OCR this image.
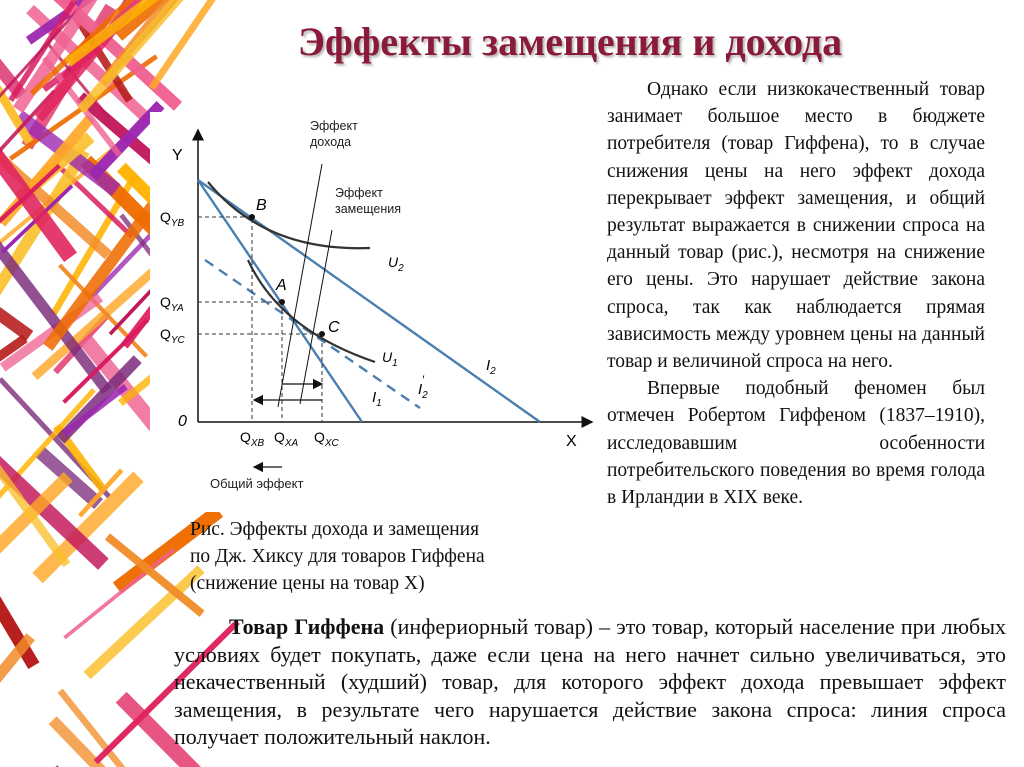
Эффекты замещения и дохода

Однако если низкокачественный товар занимает большое место в бюджете потребителя (товар Гиффена), то в случае снижения цены на него эффект дохода перекрывает эффект замещения, и общий результат выражается в снижении спроса на данный товар (рис.), несмотря на снижение его цены. Это нарушает действие закона спроса, так как наблюдается прямая зависимость между уровнем цены на данный товар и величиной спроса на него.

Впервые подобный феномен был отмечен Робертом Гиффеном (1837–1910), исследовавшим особенности потребительского поведения во время голода в Ирландии в XIX веке.

Y
X
0
B
A
C
$U_2$
$U_1$	$I_2$
$I_1$
$I_2'$
Эффект дохода
Эффект замещения
$Q_{YB}$
$Q_{YA}$
$Q_{YC}$
$Q_{XB}$ $Q_{XA}$ $Q_{XC}$
Общий эффект
Рис. Эффекты дохода и замещения
по Дж. Хиксу для товаров Гиффена
(снижение цены на товар X)
Товар Гиффена (инфериорный товар) – это товар, который население при любых условиях будет покупать, даже если цена на него начнет сильно увеличиваться, это некачественный (худший) товар, для которого эффект дохода превышает эффект замещения, в результате чего нарушается действие закона спроса: линия спроса получает положительный наклон.
